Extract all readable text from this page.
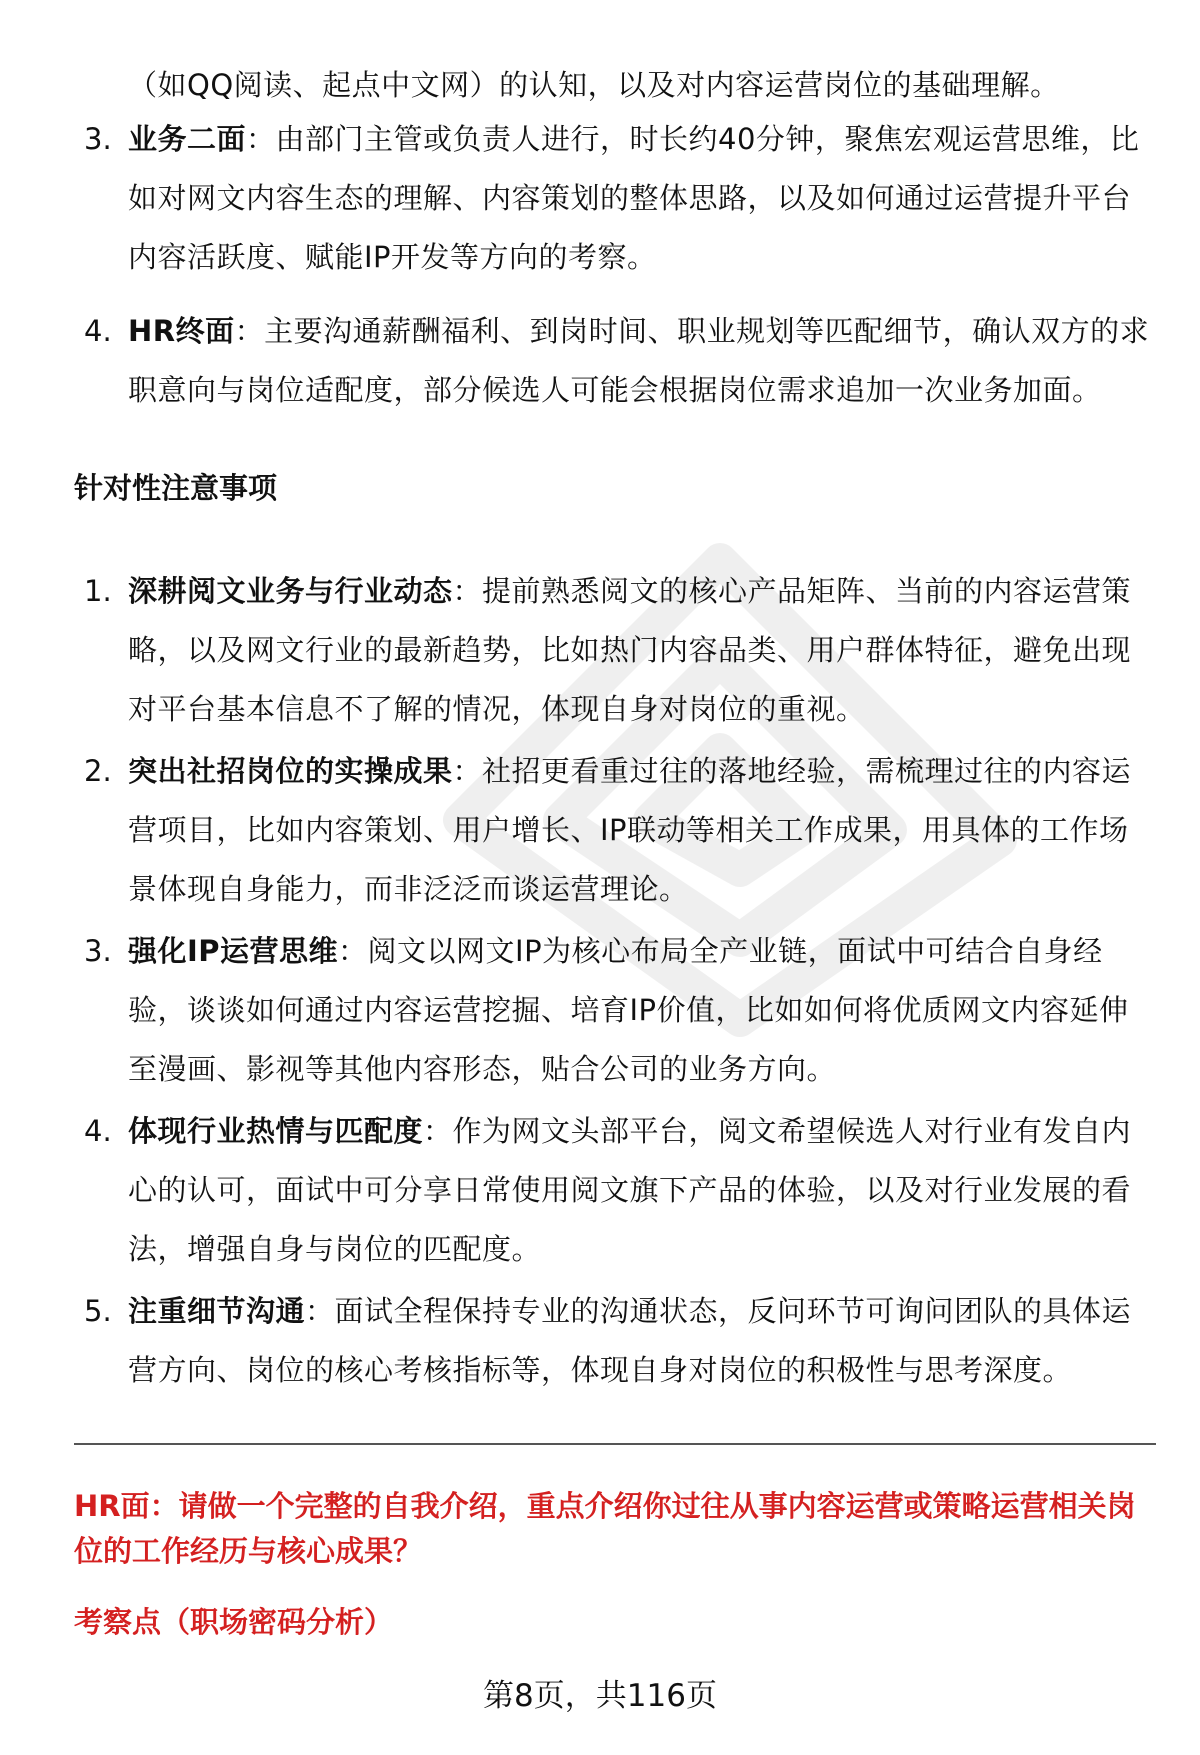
（如QQ阅读、起点中文网）的认知，以及对内容运营岗位的基础理解。
3. 业务二面：由部门主管或负责人进行，时长约40分钟，聚焦宏观运营思维，比如对网文内容生态的理解、内容策划的整体思路，以及如何通过运营提升平台内容活跃度、赋能IP开发等方向的考察。
4. HR终面：主要沟通薪酬福利、到岗时间、职业规划等匹配细节，确认双方的求职意向与岗位适配度，部分候选人可能会根据岗位需求追加一次业务加面。
针对性注意事项
1. 深耕阅文业务与行业动态：提前熟悉阅文的核心产品矩阵、当前的内容运营策略，以及网文行业的最新趋势，比如热门内容品类、用户群体特征，避免出现对平台基本信息不了解的情况，体现自身对岗位的重视。
2. 突出社招岗位的实操成果：社招更看重过往的落地经验，需梳理过往的内容运营项目，比如内容策划、用户增长、IP联动等相关工作成果，用具体的工作场景体现自身能力，而非泛泛而谈运营理论。
3. 强化IP运营思维：阅文以网文IP为核心布局全产业链，面试中可结合自身经验，谈谈如何通过内容运营挖掘、培育IP价值，比如如何将优质网文内容延伸至漫画、影视等其他内容形态，贴合公司的业务方向。
4. 体现行业热情与匹配度：作为网文头部平台，阅文希望候选人对行业有发自内心的认可，面试中可分享日常使用阅文旗下产品的体验，以及对行业发展的看法，增强自身与岗位的匹配度。
5. 注重细节沟通：面试全程保持专业的沟通状态，反问环节可询问团队的具体运营方向、岗位的核心考核指标等，体现自身对岗位的积极性与思考深度。
HR面：请做一个完整的自我介绍，重点介绍你过往从事内容运营或策略运营相关岗位的工作经历与核心成果？
考察点（职场密码分析）
第8页，共116页
